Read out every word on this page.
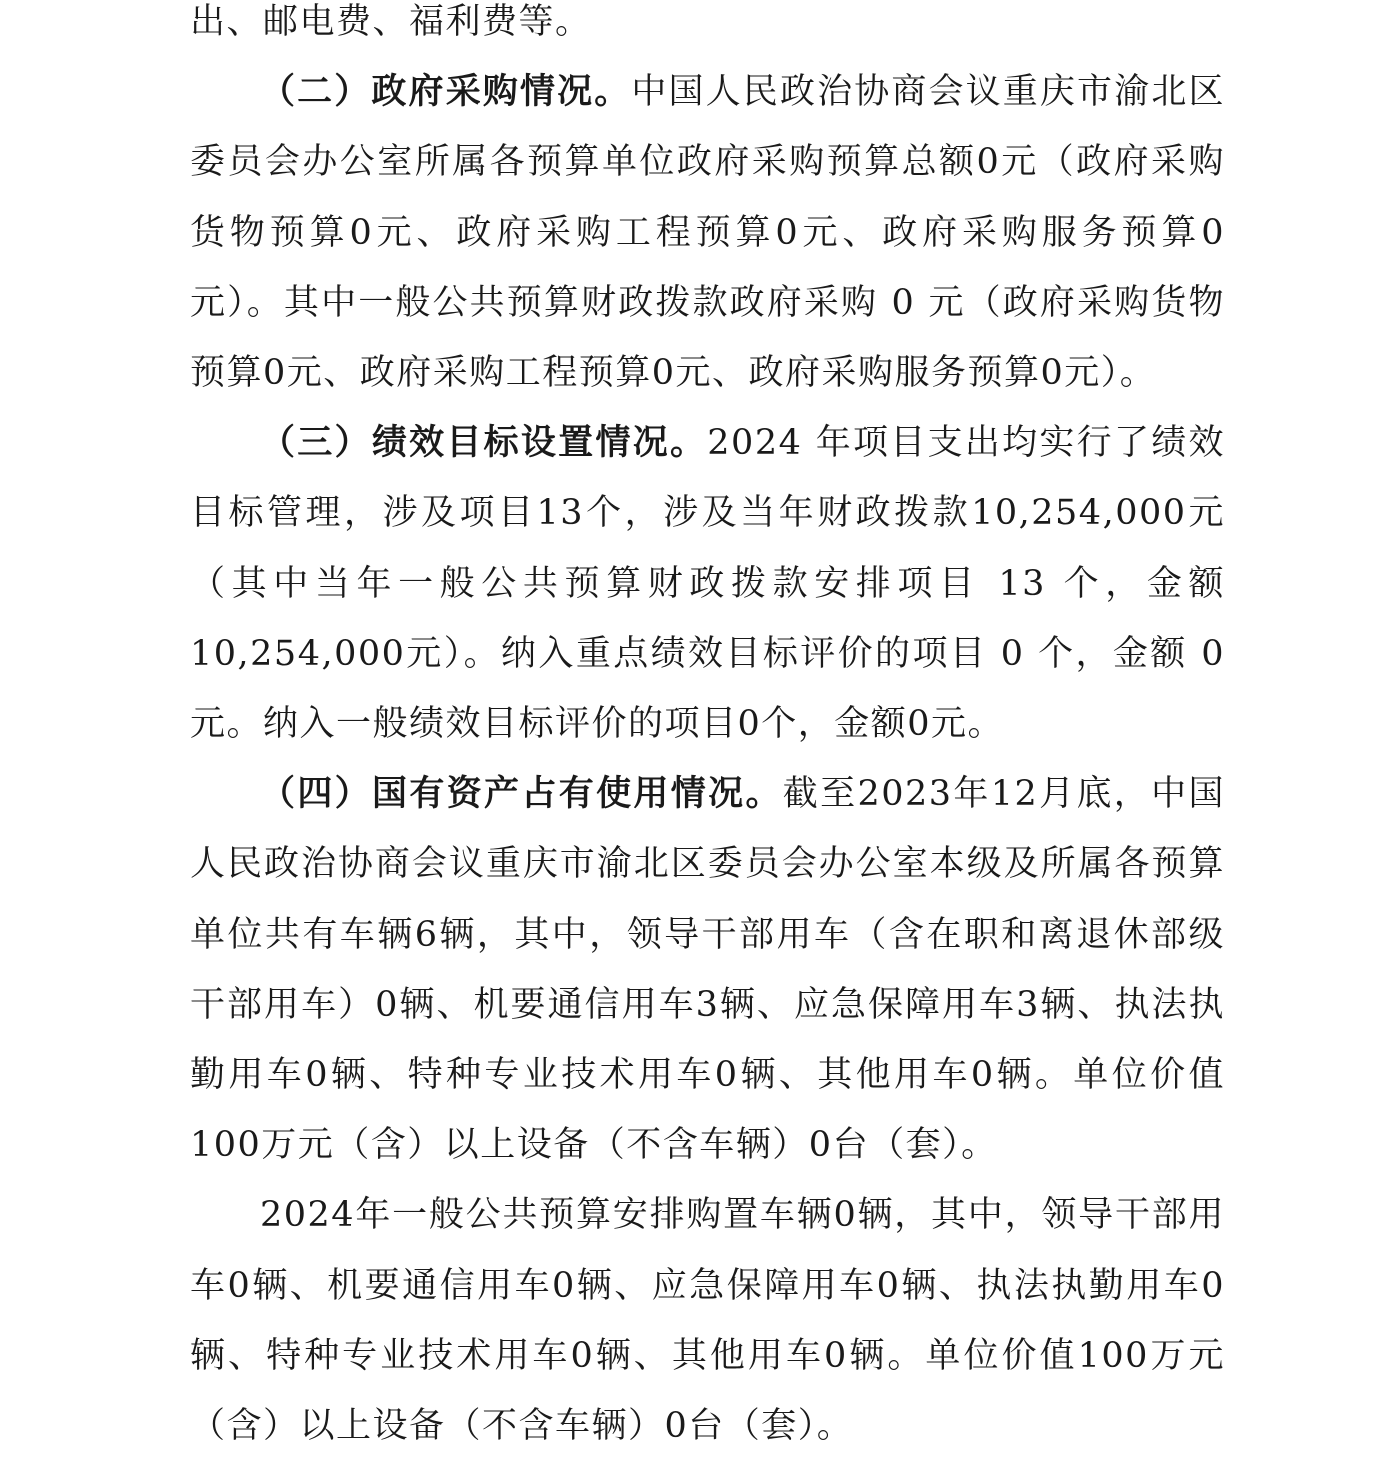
出、邮电费、福利费等。

（二）政府采购情况。中国人民政治协商会议重庆市渝北区委员会办公室所属各预算单位政府采购预算总额0元（政府采购货物预算0元、政府采购工程预算0元、政府采购服务预算0元）。其中一般公共预算财政拨款政府采购 0 元（政府采购货物预算0元、政府采购工程预算0元、政府采购服务预算0元）。

（三）绩效目标设置情况。2024 年项目支出均实行了绩效目标管理，涉及项目13个，涉及当年财政拨款10,254,000元（其中当年一般公共预算财政拨款安排项目 13 个，金额 10,254,000元）。纳入重点绩效目标评价的项目 0 个，金额 0 元。纳入一般绩效目标评价的项目0个，金额0元。

（四）国有资产占有使用情况。截至2023年12月底，中国人民政治协商会议重庆市渝北区委员会办公室本级及所属各预算单位共有车辆6辆，其中，领导干部用车（含在职和离退休部级干部用车）0辆、机要通信用车3辆、应急保障用车3辆、执法执勤用车0辆、特种专业技术用车0辆、其他用车0辆。单位价值100万元（含）以上设备（不含车辆）0台（套）。

2024年一般公共预算安排购置车辆0辆，其中，领导干部用车0辆、机要通信用车0辆、应急保障用车0辆、执法执勤用车0辆、特种专业技术用车0辆、其他用车0辆。单位价值100万元（含）以上设备（不含车辆）0台（套）。
